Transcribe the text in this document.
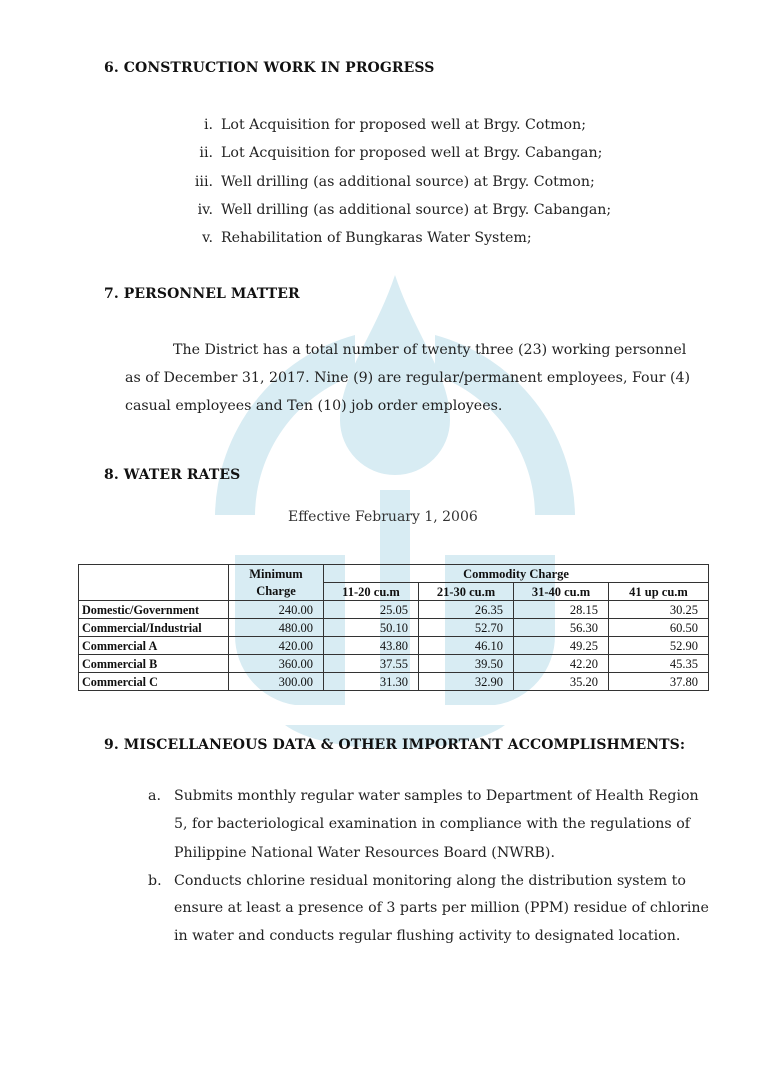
6. CONSTRUCTION WORK IN PROGRESS
i. Lot Acquisition for proposed well at Brgy. Cotmon;
ii. Lot Acquisition for proposed well at Brgy. Cabangan;
iii. Well drilling (as additional source) at Brgy. Cotmon;
iv. Well drilling (as additional source) at Brgy. Cabangan;
v. Rehabilitation of Bungkaras Water System;
7. PERSONNEL MATTER
The District has a total number of twenty three (23) working personnel
as of December 31, 2017. Nine (9) are regular/permanent employees, Four (4)
casual employees and Ten (10) job order employees.
8. WATER RATES
Effective February 1, 2006
	Minimum	Commodity Charge			
	Charge	11-20 cu.m	21-30 cu.m	31-40 cu.m	41 up cu.m
Domestic/Government	240.00	25.05	26.35	28.15	30.25
Commercial/Industrial	480.00	50.10	52.70	56.30	60.50
Commercial A	420.00	43.80	46.10	49.25	52.90
Commercial B	360.00	37.55	39.50	42.20	45.35
Commercial C	300.00	31.30	32.90	35.20	37.80
9. MISCELLANEOUS DATA & OTHER IMPORTANT ACCOMPLISHMENTS:
a. Submits monthly regular water samples to Department of Health Region
5, for bacteriological examination in compliance with the regulations of
Philippine National Water Resources Board (NWRB).
b. Conducts chlorine residual monitoring along the distribution system to
ensure at least a presence of 3 parts per million (PPM) residue of chlorine
in water and conducts regular flushing activity to designated location.
